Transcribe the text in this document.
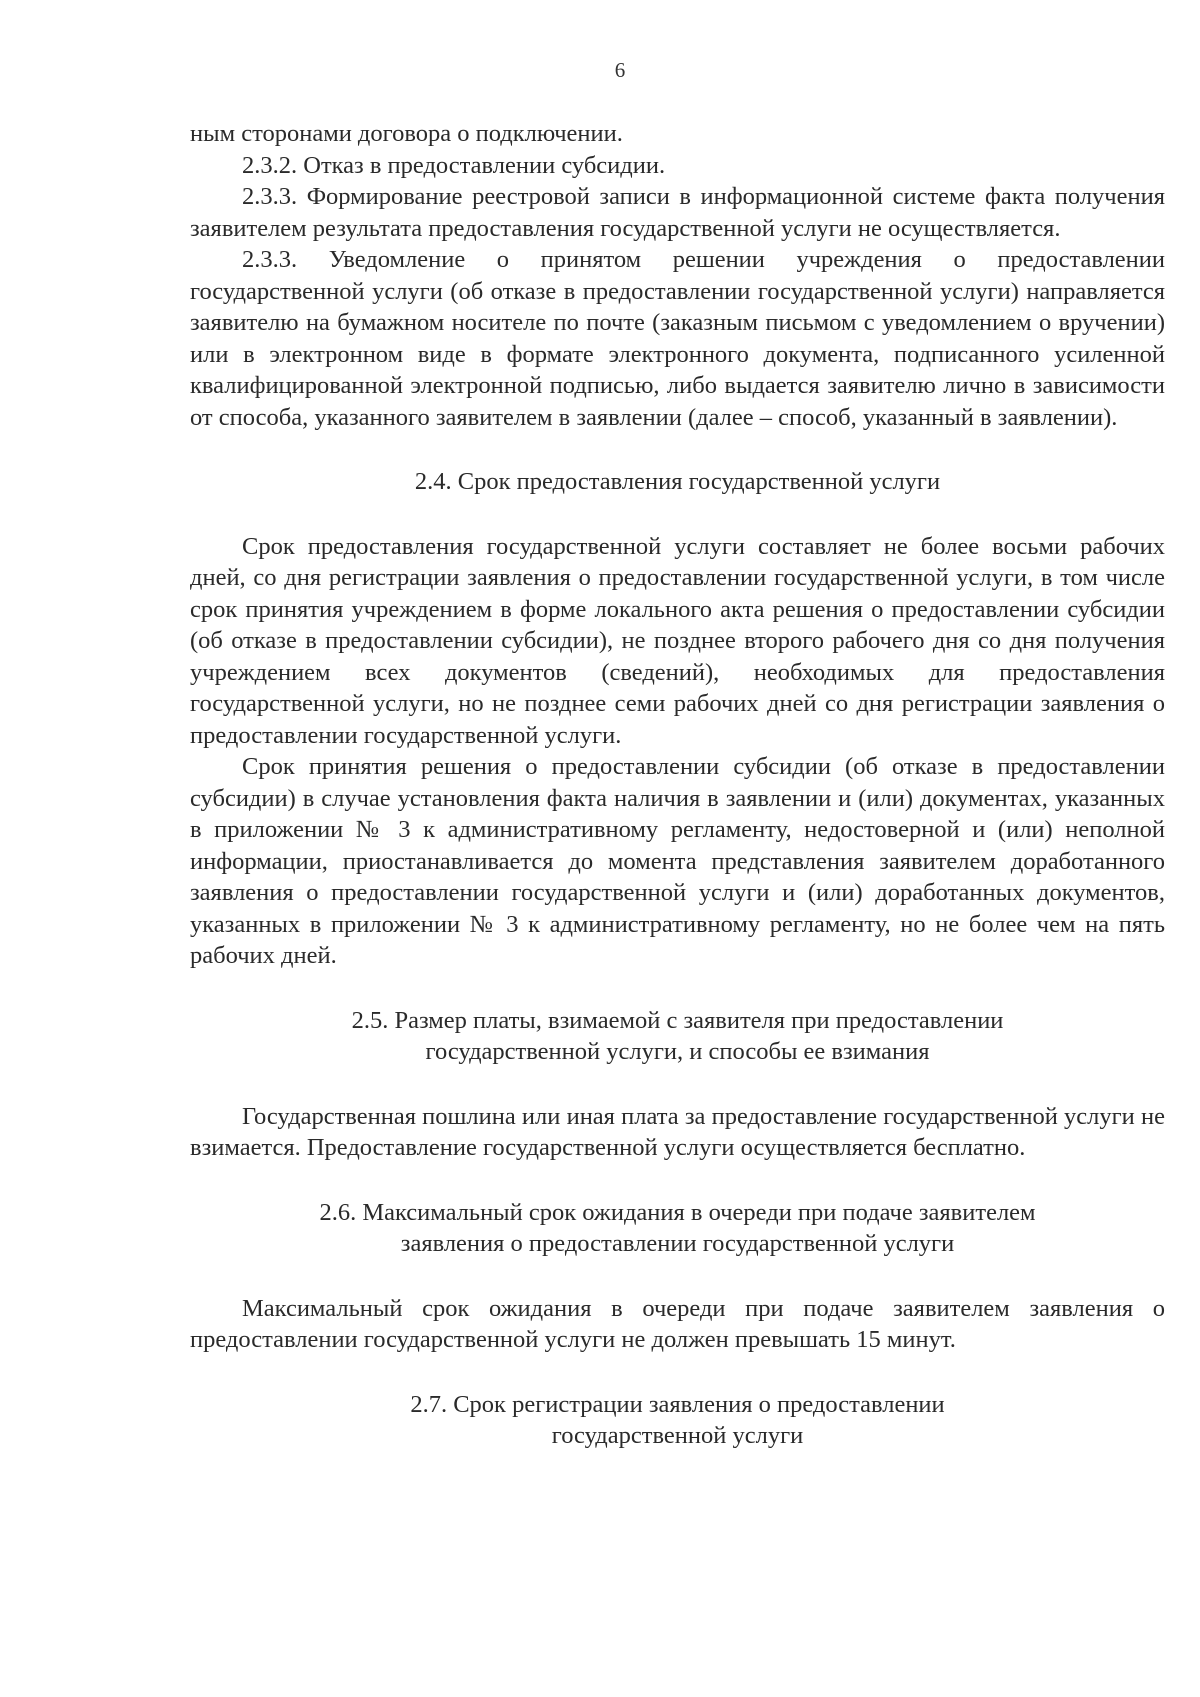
6

ным сторонами договора о подключении.

2.3.2. Отказ в предоставлении субсидии.

2.3.3. Формирование реестровой записи в информационной системе факта получения заявителем результата предоставления государственной услуги не осуществляется.

2.3.3. Уведомление о принятом решении учреждения о предоставлении государственной услуги (об отказе в предоставлении государственной услуги) направляется заявителю на бумажном носителе по почте (заказным письмом с уведомлением о вручении) или в электронном виде в формате электронного документа, подписанного усиленной квалифицированной электронной подписью, либо выдается заявителю лично в зависимости от способа, указанного заявителем в заявлении (далее – способ, указанный в заявлении).

2.4. Срок предоставления государственной услуги

Срок предоставления государственной услуги составляет не более восьми рабочих дней, со дня регистрации заявления о предоставлении государственной услуги, в том числе срок принятия учреждением в форме локального акта решения о предоставлении субсидии (об отказе в предоставлении субсидии), не позднее второго рабочего дня со дня получения учреждением всех документов (сведений), необходимых для предоставления государственной услуги, но не позднее семи рабочих дней со дня регистрации заявления о предоставлении государственной услуги.

Срок принятия решения о предоставлении субсидии (об отказе в предоставлении субсидии) в случае установления факта наличия в заявлении и (или) документах, указанных в приложении № 3 к административному регламенту, недостоверной и (или) неполной информации, приостанавливается до момента представления заявителем доработанного заявления о предоставлении государственной услуги и (или) доработанных документов, указанных в приложении № 3 к административному регламенту, но не более чем на пять рабочих дней.

2.5. Размер платы, взимаемой с заявителя при предоставлении
государственной услуги, и способы ее взимания

Государственная пошлина или иная плата за предоставление государственной услуги не взимается. Предоставление государственной услуги осуществляется бесплатно.

2.6. Максимальный срок ожидания в очереди при подаче заявителем
заявления о предоставлении государственной услуги

Максимальный срок ожидания в очереди при подаче заявителем заявления о предоставлении государственной услуги не должен превышать 15 минут.

2.7. Срок регистрации заявления о предоставлении
государственной услуги
